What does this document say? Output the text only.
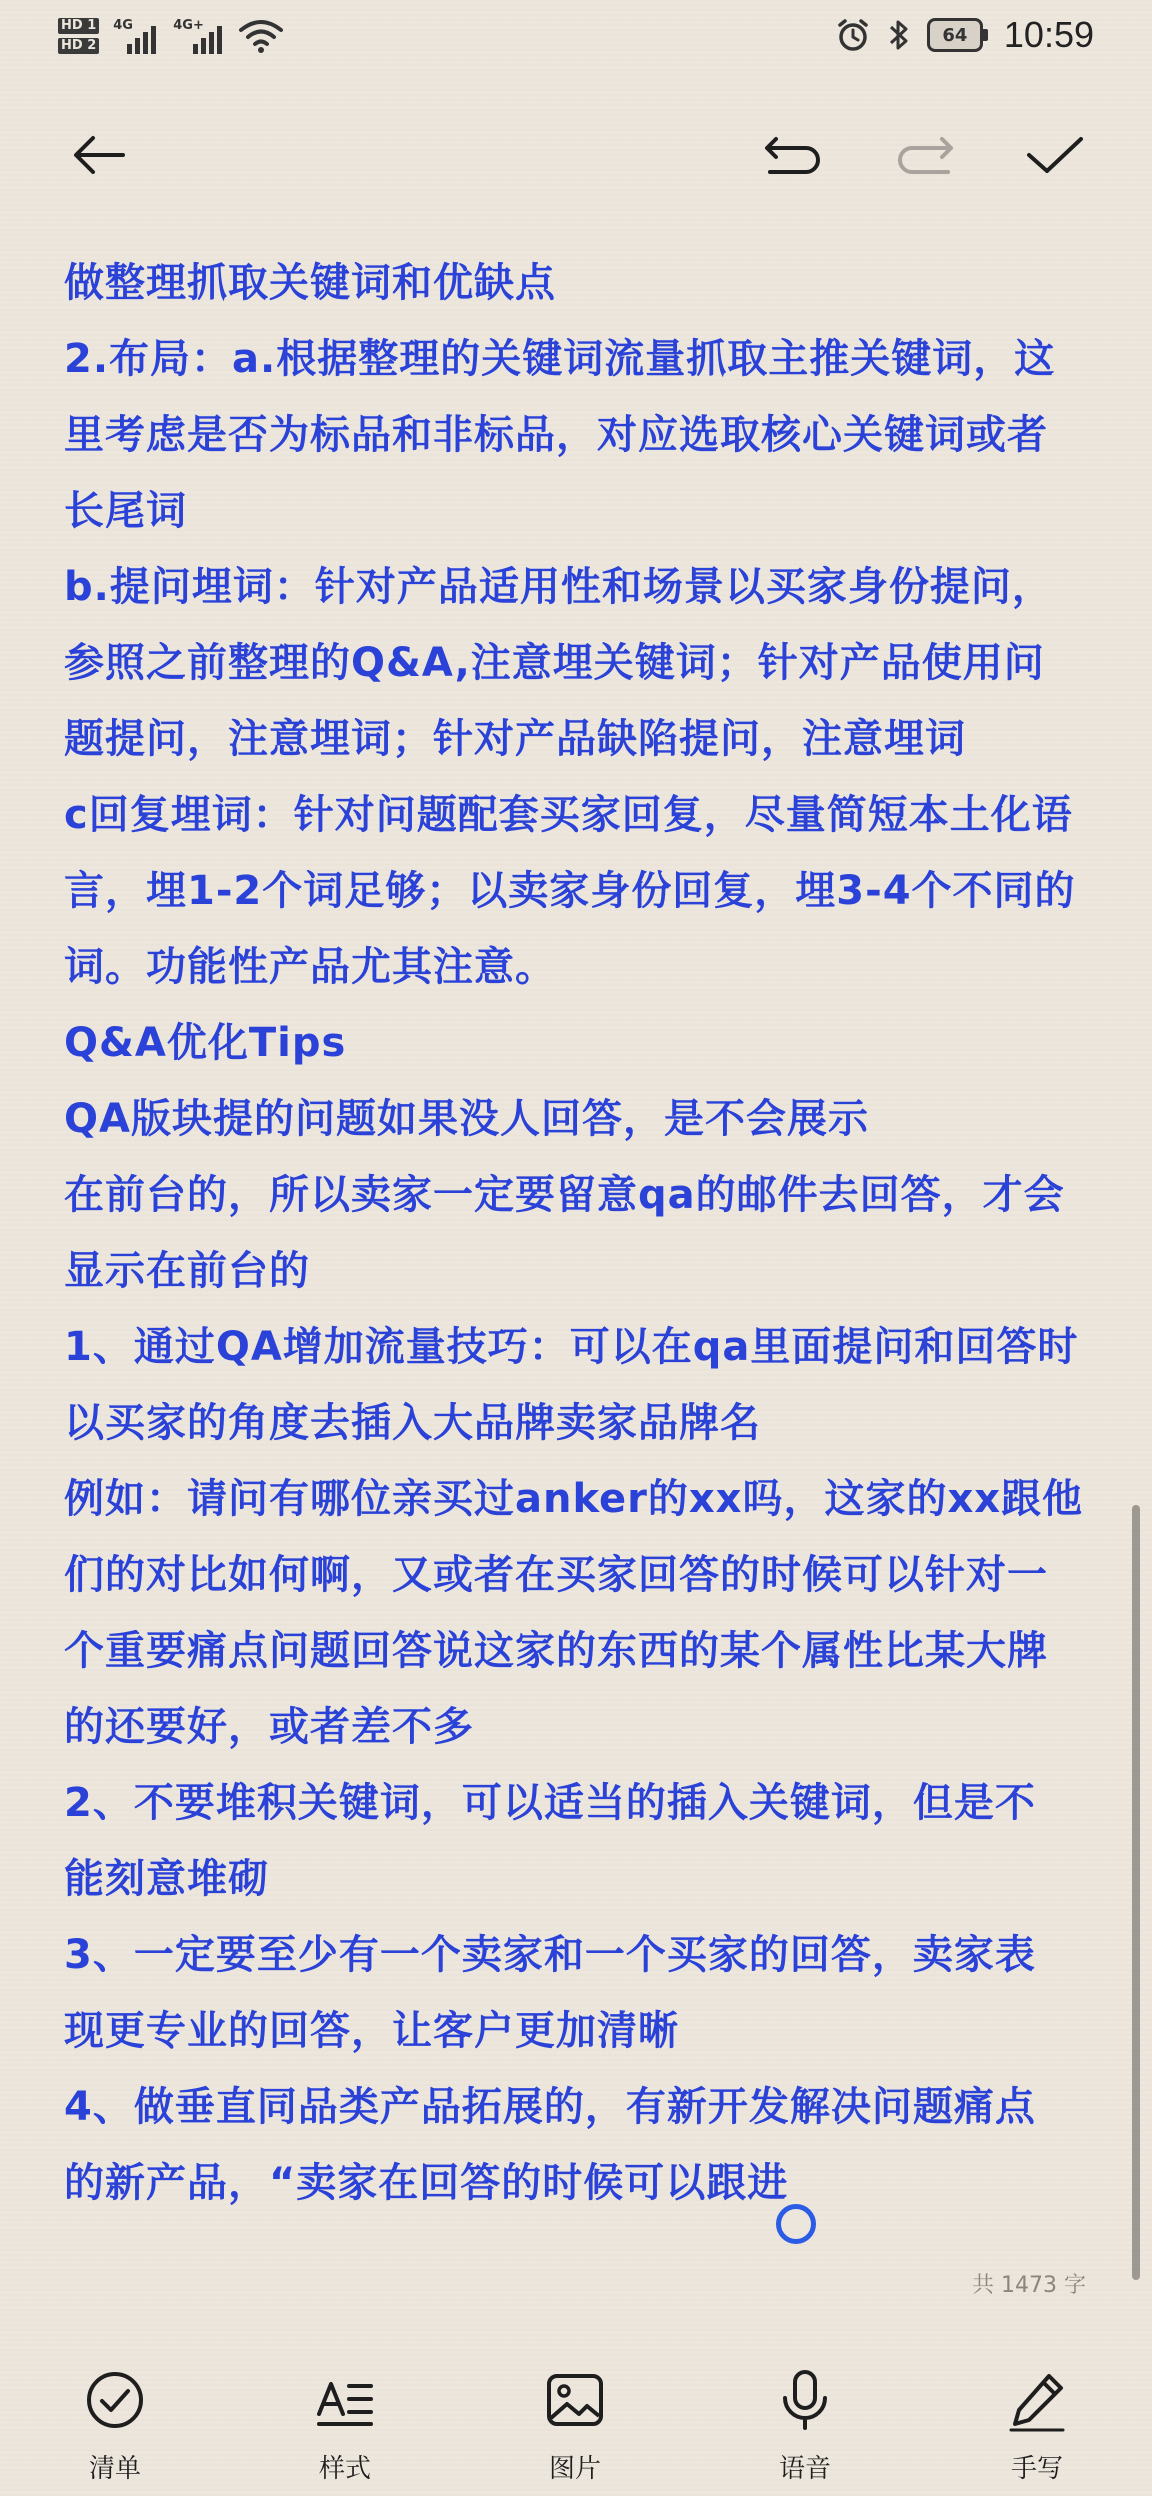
HD 1
HD 2
4G	4G+	64	10:59
做整理抓取关键词和优缺点
2.布局：a.根据整理的关键词流量抓取主推关键词，这
里考虑是否为标品和非标品，对应选取核心关键词或者
长尾词
b.提问埋词：针对产品适用性和场景以买家身份提问，
参照之前整理的Q&A,注意埋关键词；针对产品使用问
题提问，注意埋词；针对产品缺陷提问，注意埋词
c回复埋词：针对问题配套买家回复，尽量简短本土化语
言，埋1-2个词足够；以卖家身份回复，埋3-4个不同的
词。功能性产品尤其注意。
Q&A优化Tips
QA版块提的问题如果没人回答，是不会展示
在前台的，所以卖家一定要留意qa的邮件去回答，才会
显示在前台的
1、通过QA增加流量技巧：可以在qa里面提问和回答时
以买家的角度去插入大品牌卖家品牌名
例如：请问有哪位亲买过anker的xx吗，这家的xx跟他
们的对比如何啊，又或者在买家回答的时候可以针对一
个重要痛点问题回答说这家的东西的某个属性比某大牌
的还要好，或者差不多
2、不要堆积关键词，可以适当的插入关键词，但是不
能刻意堆砌
3、一定要至少有一个卖家和一个买家的回答，卖家表
现更专业的回答，让客户更加清晰
4、做垂直同品类产品拓展的，有新开发解决问题痛点
的新产品，“卖家在回答的时候可以跟进
共 1473 字
清单	样式	图片	语音	手写
